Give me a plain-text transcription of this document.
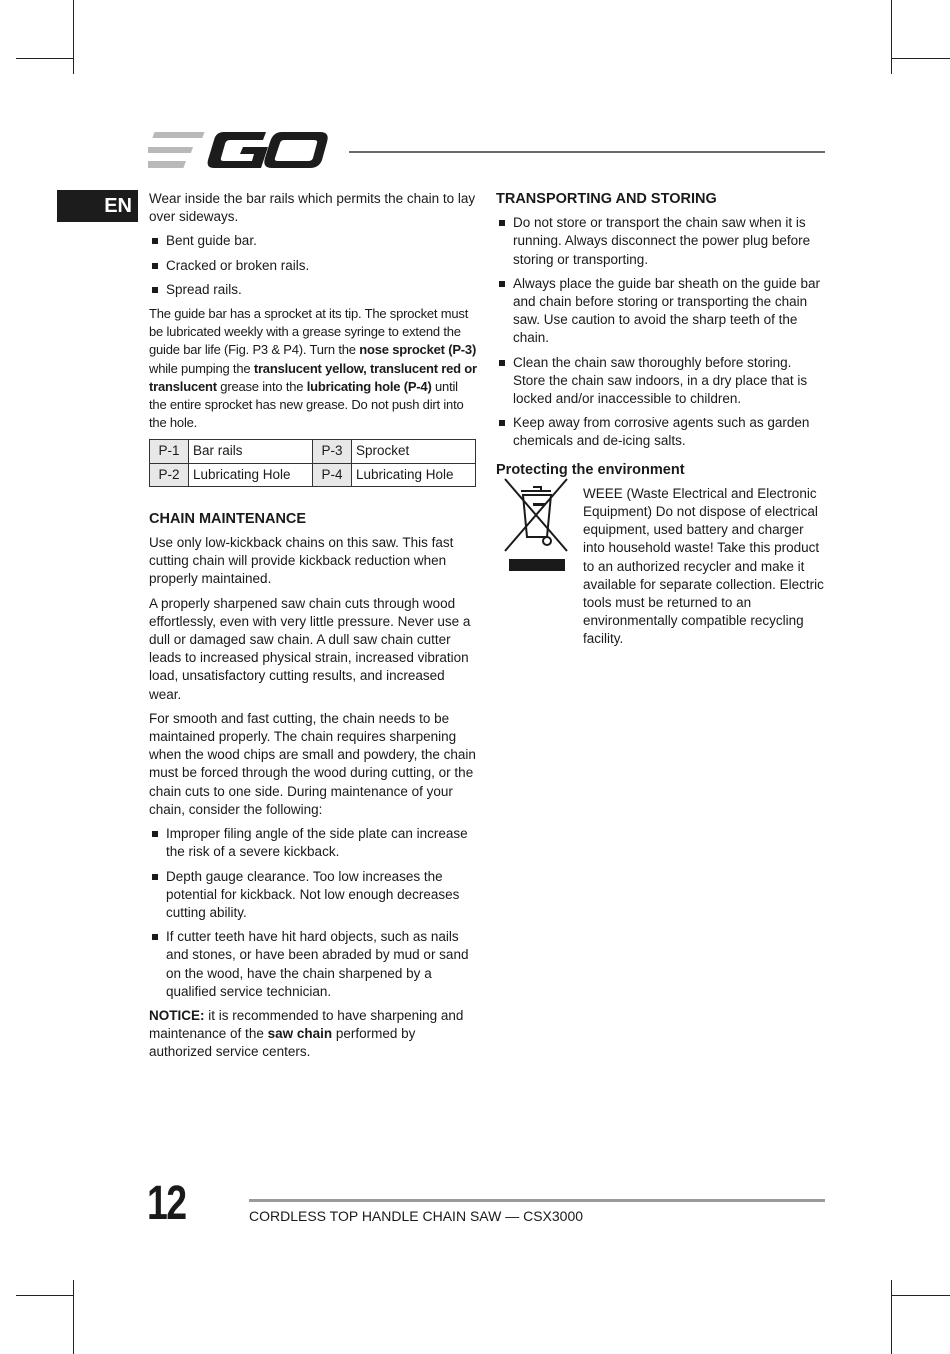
EN	Wear inside the bar rails which permits the chain to lay over sideways.

Bent guide bar.
Cracked or broken rails.
Spread rails.

The guide bar has a sprocket at its tip. The sprocket must be lubricated weekly with a grease syringe to extend the guide bar life (Fig. P3 & P4). Turn the nose sprocket (P-3) while pumping the translucent yellow, translucent red or translucent grease into the lubricating hole (P-4) until the entire sprocket has new grease. Do not push dirt into the hole.

P-1	Bar rails	P-3	Sprocket
P-2	Lubricating Hole	P-4	Lubricating Hole
CHAIN MAINTENANCE

Use only low-kickback chains on this saw. This fast cutting chain will provide kickback reduction when properly maintained.

A properly sharpened saw chain cuts through wood effortlessly, even with very little pressure. Never use a dull or damaged saw chain. A dull saw chain cutter leads to increased physical strain, increased vibration load, unsatisfactory cutting results, and increased wear.

For smooth and fast cutting, the chain needs to be maintained properly. The chain requires sharpening when the wood chips are small and powdery, the chain must be forced through the wood during cutting, or the chain cuts to one side. During maintenance of your chain, consider the following:

Improper filing angle of the side plate can increase the risk of a severe kickback.
Depth gauge clearance. Too low increases the potential for kickback. Not low enough decreases cutting ability.
If cutter teeth have hit hard objects, such as nails and stones, or have been abraded by mud or sand on the wood, have the chain sharpened by a qualified service technician.

NOTICE: it is recommended to have sharpening and maintenance of the saw chain performed by authorized service centers.

TRANSPORTING AND STORING
Do not store or transport the chain saw when it is running. Always disconnect the power plug before storing or transporting.
Always place the guide bar sheath on the guide bar and chain before storing or transporting the chain saw. Use caution to avoid the sharp teeth of the chain.
Clean the chain saw thoroughly before storing. Store the chain saw indoors, in a dry place that is locked and/or inaccessible to children.
Keep away from corrosive agents such as garden chemicals and de-icing salts.
Protecting the environment

WEEE (Waste Electrical and Electronic Equipment) Do not dispose of electrical equipment, used battery and charger into household waste! Take this product to an authorized recycler and make it available for separate collection. Electric tools must be returned to an environmentally compatible recycling facility.

12	CORDLESS TOP HANDLE CHAIN SAW — CSX3000
